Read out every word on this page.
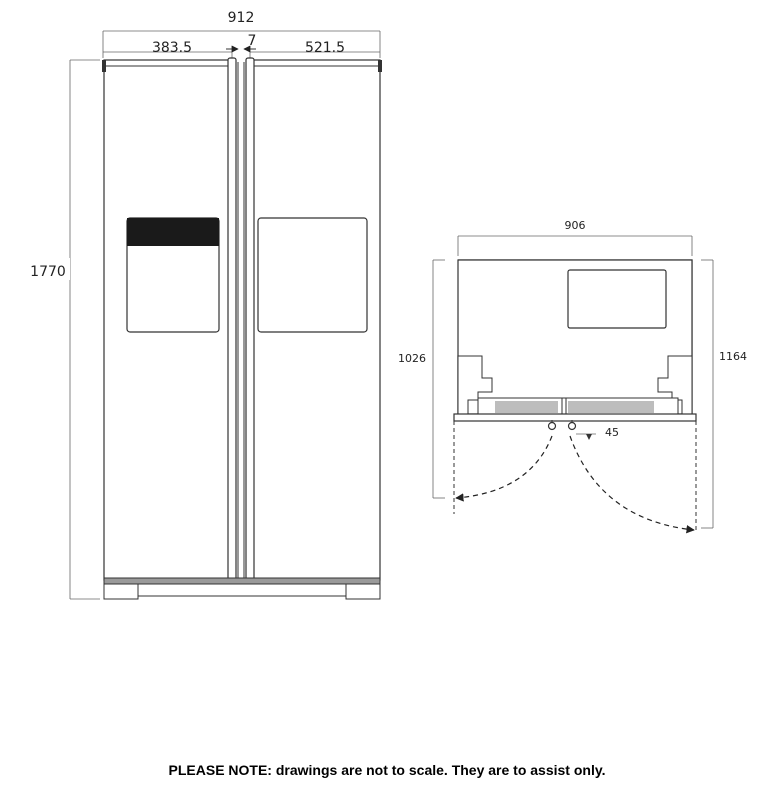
912
383.5	7	521.5
1770
906
1026	1164
45
PLEASE NOTE: drawings are not to scale. They are to assist only.
